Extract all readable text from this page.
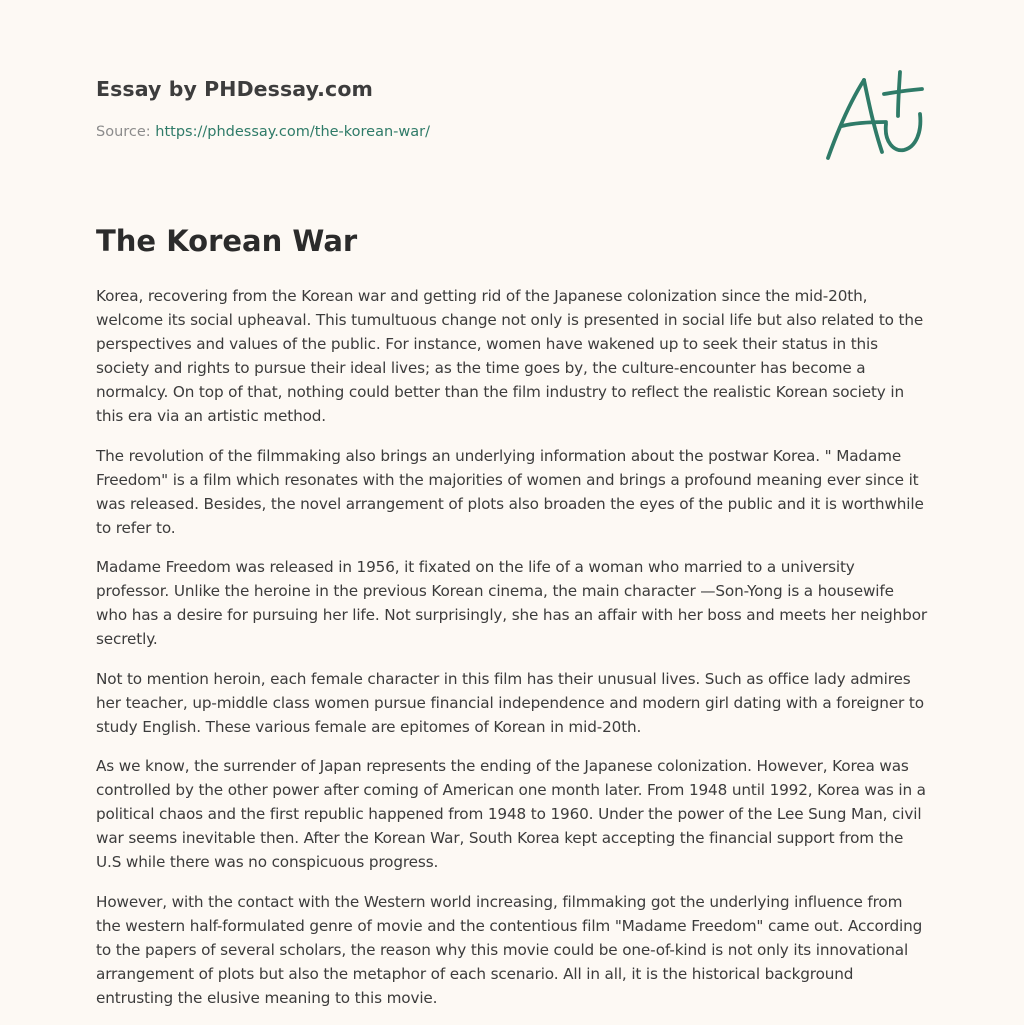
Essay by PHDessay.com
Source: https://phdessay.com/the-korean-war/
The Korean War

Korea, recovering from the Korean war and getting rid of the Japanese colonization since the mid-20th, welcome its social upheaval. This tumultuous change not only is presented in social life but also related to the perspectives and values of the public. For instance, women have wakened up to seek their status in this society and rights to pursue their ideal lives; as the time goes by, the culture-encounter has become a normalcy. On top of that, nothing could better than the film industry to reflect the realistic Korean society in this era via an artistic method.

The revolution of the filmmaking also brings an underlying information about the postwar Korea. " Madame Freedom" is a film which resonates with the majorities of women and brings a profound meaning ever since it was released. Besides, the novel arrangement of plots also broaden the eyes of the public and it is worthwhile to refer to.

Madame Freedom was released in 1956, it fixated on the life of a woman who married to a university professor. Unlike the heroine in the previous Korean cinema, the main character —Son-Yong is a housewife who has a desire for pursuing her life. Not surprisingly, she has an affair with her boss and meets her neighbor secretly.

Not to mention heroin, each female character in this film has their unusual lives. Such as office lady admires her teacher, up-middle class women pursue financial independence and modern girl dating with a foreigner to study English. These various female are epitomes of Korean in mid-20th.

As we know, the surrender of Japan represents the ending of the Japanese colonization. However, Korea was controlled by the other power after coming of American one month later. From 1948 until 1992, Korea was in a political chaos and the first republic happened from 1948 to 1960. Under the power of the Lee Sung Man, civil war seems inevitable then. After the Korean War, South Korea kept accepting the financial support from the U.S while there was no conspicuous progress.

However, with the contact with the Western world increasing, filmmaking got the underlying influence from the western half-formulated genre of movie and the contentious film "Madame Freedom" came out. According to the papers of several scholars, the reason why this movie could be one-of-kind is not only its innovational arrangement of plots but also the metaphor of each scenario. All in all, it is the historical background entrusting the elusive meaning to this movie.
